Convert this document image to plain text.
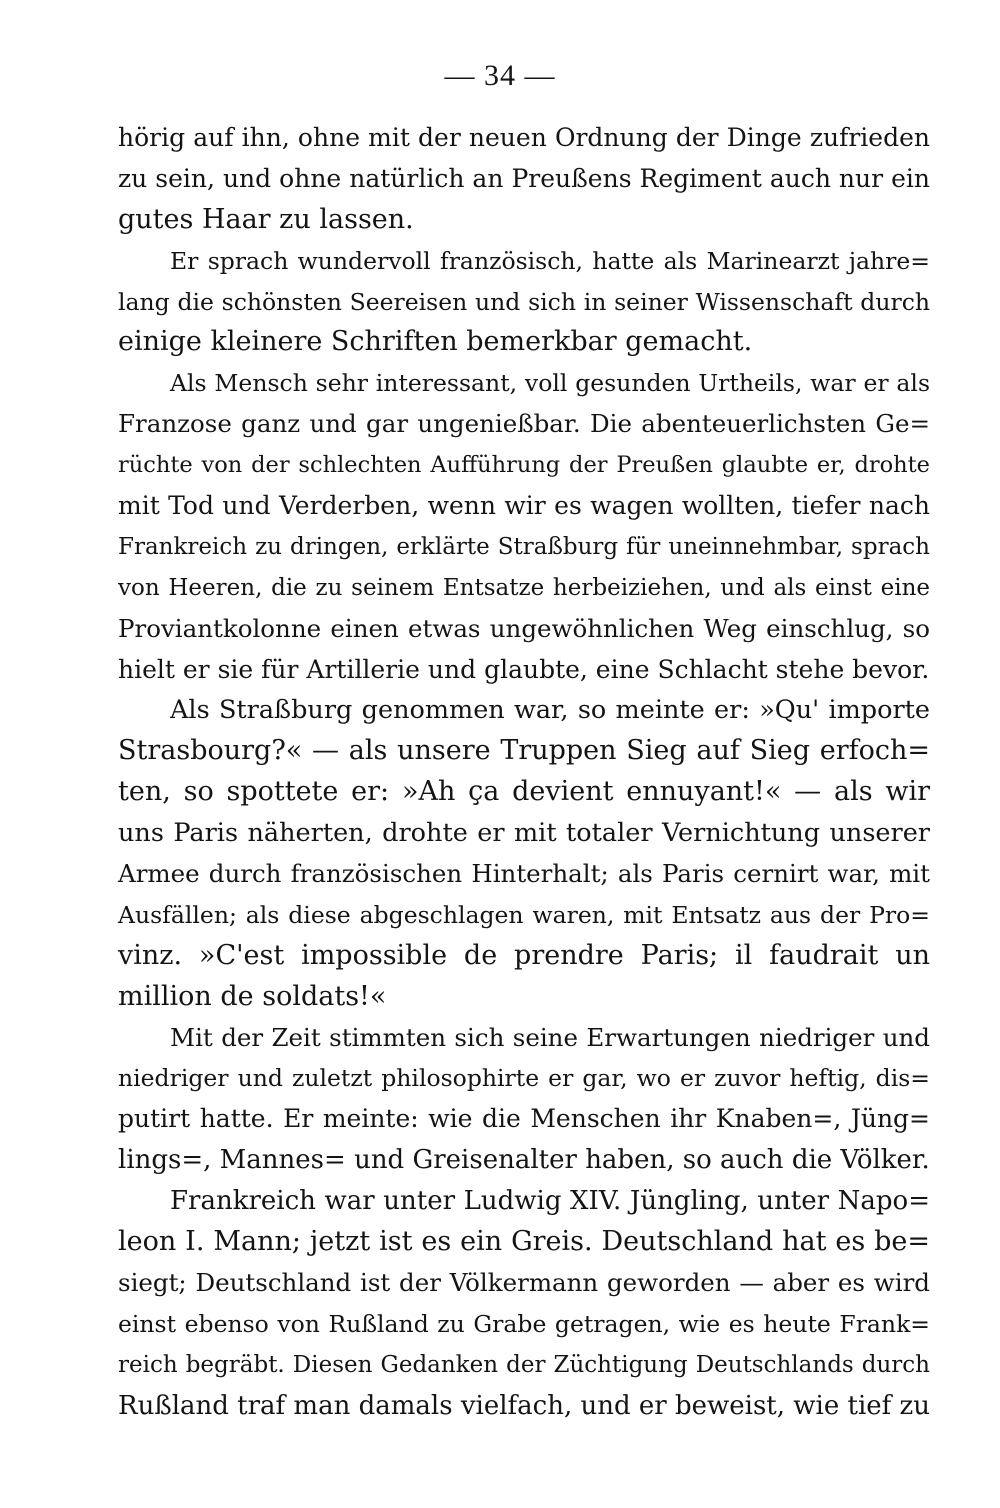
— 34 —
hörig auf ihn, ohne mit der neuen Ordnung der Dinge zufrieden
zu sein, und ohne natürlich an Preußens Regiment auch nur ein
gutes Haar zu lassen.
Er sprach wundervoll französisch, hatte als Marinearzt jahre=
lang die schönsten Seereisen und sich in seiner Wissenschaft durch
einige kleinere Schriften bemerkbar gemacht.
Als Mensch sehr interessant, voll gesunden Urtheils, war er als
Franzose ganz und gar ungenießbar. Die abenteuerlichsten Ge=
rüchte von der schlechten Aufführung der Preußen glaubte er, drohte
mit Tod und Verderben, wenn wir es wagen wollten, tiefer nach
Frankreich zu dringen, erklärte Straßburg für uneinnehmbar, sprach
von Heeren, die zu seinem Entsatze herbeiziehen, und als einst eine
Proviantkolonne einen etwas ungewöhnlichen Weg einschlug, so
hielt er sie für Artillerie und glaubte, eine Schlacht stehe bevor.
Als Straßburg genommen war, so meinte er: »Qu' importe
Strasbourg?« — als unsere Truppen Sieg auf Sieg erfoch=
ten, so spottete er: »Ah ça devient ennuyant!« — als wir
uns Paris näherten, drohte er mit totaler Vernichtung unserer
Armee durch französischen Hinterhalt; als Paris cernirt war, mit
Ausfällen; als diese abgeschlagen waren, mit Entsatz aus der Pro=
vinz. »C'est impossible de prendre Paris; il faudrait un
million de soldats!«
Mit der Zeit stimmten sich seine Erwartungen niedriger und
niedriger und zuletzt philosophirte er gar, wo er zuvor heftig, dis=
putirt hatte. Er meinte: wie die Menschen ihr Knaben=, Jüng=
lings=, Mannes= und Greisenalter haben, so auch die Völker.
Frankreich war unter Ludwig XIV. Jüngling, unter Napo=
leon I. Mann; jetzt ist es ein Greis. Deutschland hat es be=
siegt; Deutschland ist der Völkermann geworden — aber es wird
einst ebenso von Rußland zu Grabe getragen, wie es heute Frank=
reich begräbt. Diesen Gedanken der Züchtigung Deutschlands durch
Rußland traf man damals vielfach, und er beweist, wie tief zu
